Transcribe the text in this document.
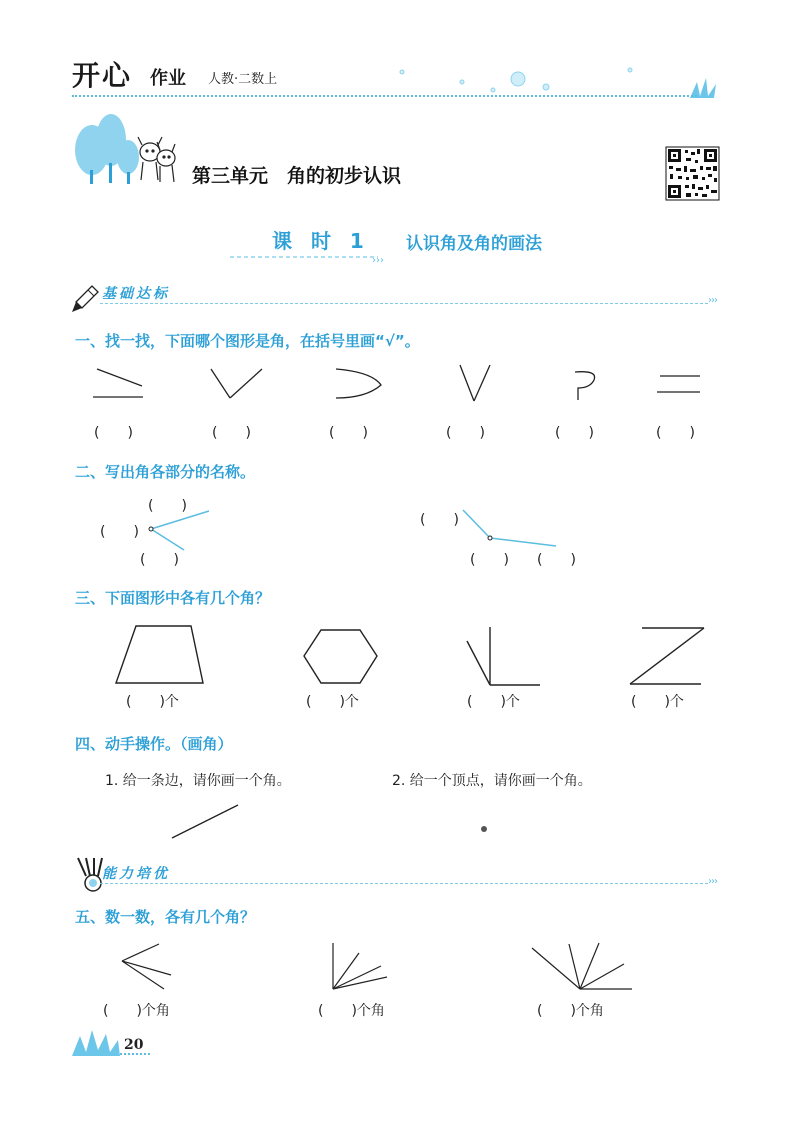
›››
开心 作业 人教·二数上
第三单元　角的初步认识
课 时 1 认识角及角的画法
基础达标	›››
一、找一找，下面哪个图形是角，在括号里画“√”。
(　　)	(　　)	(　　)	(　　)	(　　)	(　　)
二、写出角各部分的名称。
(　　)
(　　)
(　　)
(　　)
(　　) (　　)
三、下面图形中各有几个角？
(　　)个	(　　)个	(　　)个	(　　)个
四、动手操作。（画角）
1. 给一条边，请你画一个角。	2. 给一个顶点，请你画一个角。
能力培优	›››
五、数一数，各有几个角？
(　　)个角	(　　)个角	(　　)个角
20
